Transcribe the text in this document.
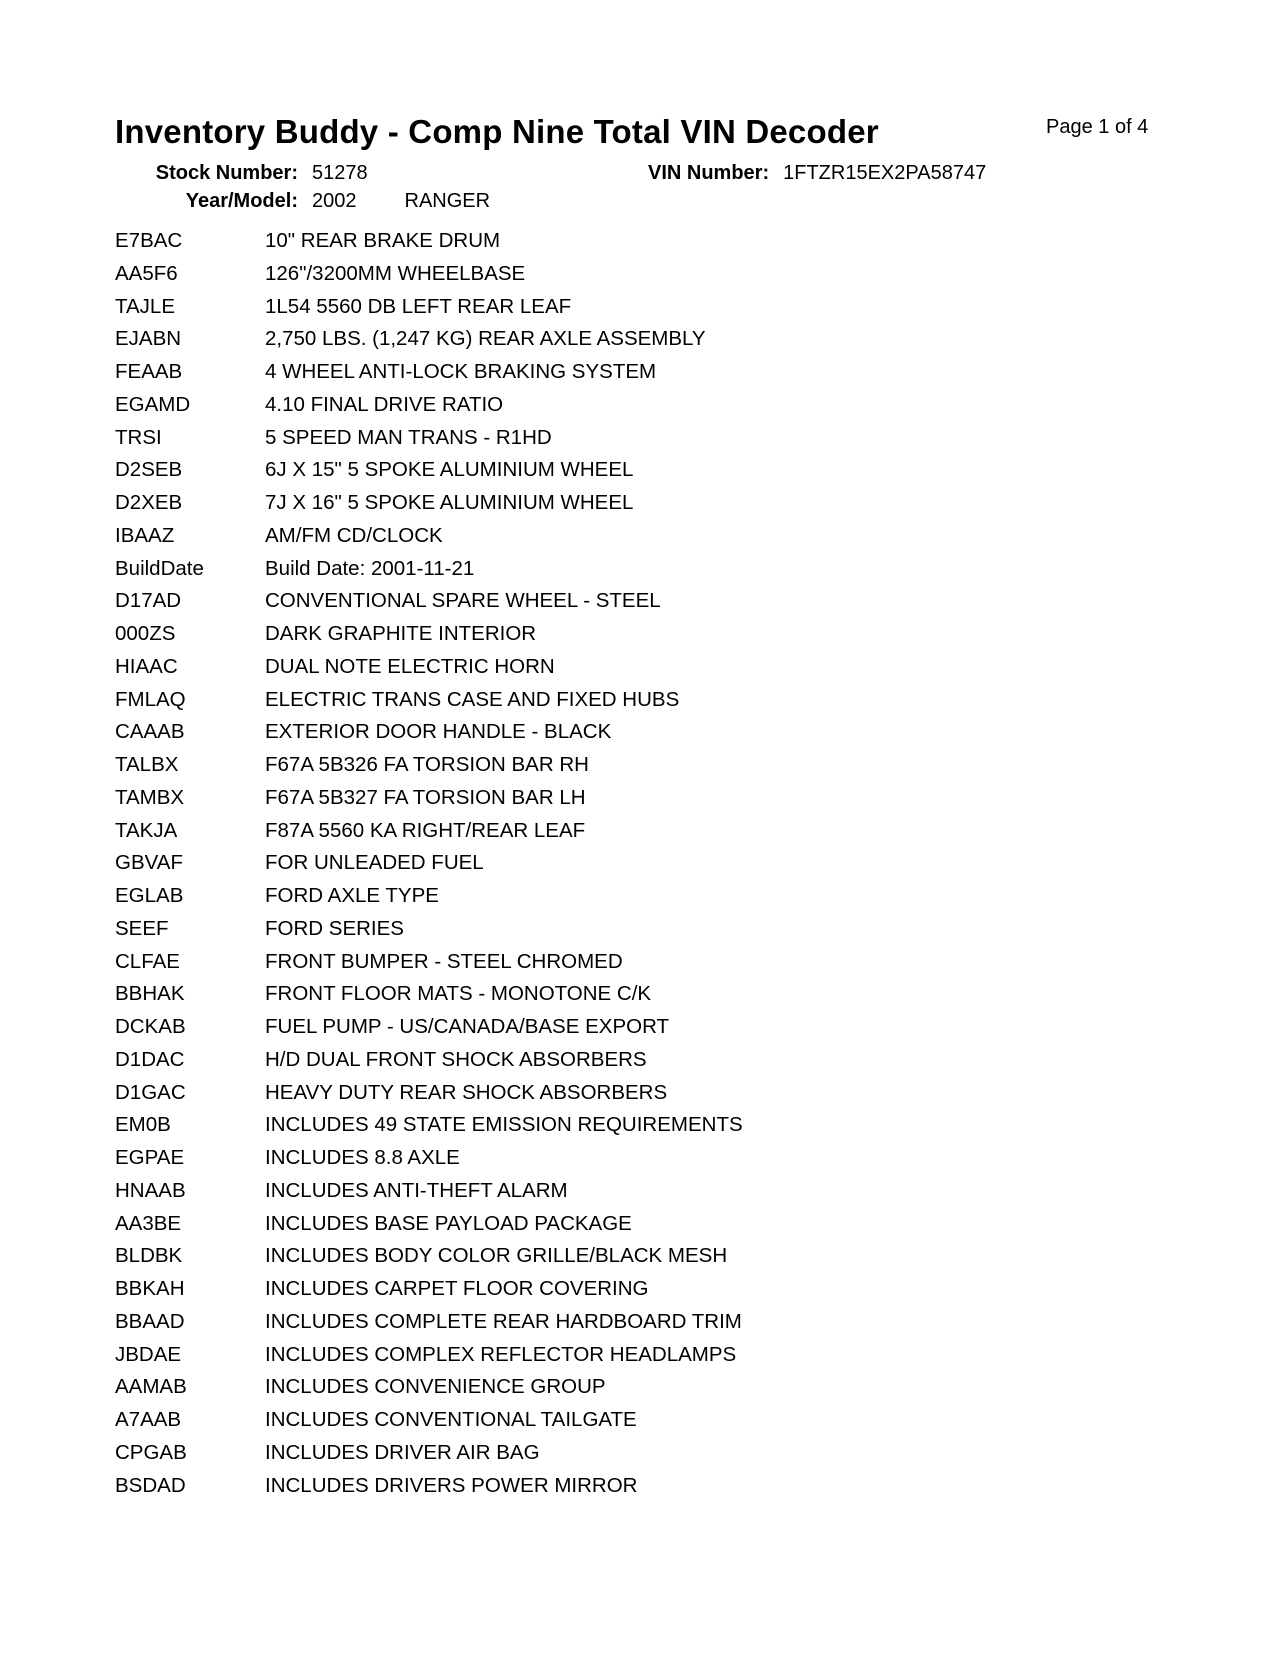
Inventory Buddy - Comp Nine Total VIN Decoder	Page 1 of 4
Stock Number: 51278	VIN Number: 1FTZR15EX2PA58747
Year/Model: 2002 RANGER
E7BAC	10" REAR BRAKE DRUM
AA5F6	126"/3200MM WHEELBASE
TAJLE	1L54 5560 DB LEFT REAR LEAF
EJABN	2,750 LBS. (1,247 KG) REAR AXLE ASSEMBLY
FEAAB	4 WHEEL ANTI-LOCK BRAKING SYSTEM
EGAMD	4.10 FINAL DRIVE RATIO
TRSI	5 SPEED MAN TRANS - R1HD
D2SEB	6J X 15" 5 SPOKE ALUMINIUM WHEEL
D2XEB	7J X 16" 5 SPOKE ALUMINIUM WHEEL
IBAAZ	AM/FM CD/CLOCK
BuildDate	Build Date: 2001-11-21
D17AD	CONVENTIONAL SPARE WHEEL - STEEL
000ZS	DARK GRAPHITE INTERIOR
HIAAC	DUAL NOTE ELECTRIC HORN
FMLAQ	ELECTRIC TRANS CASE AND FIXED HUBS
CAAAB	EXTERIOR DOOR HANDLE - BLACK
TALBX	F67A 5B326 FA TORSION BAR RH
TAMBX	F67A 5B327 FA TORSION BAR LH
TAKJA	F87A 5560 KA RIGHT/REAR LEAF
GBVAF	FOR UNLEADED FUEL
EGLAB	FORD AXLE TYPE
SEEF	FORD SERIES
CLFAE	FRONT BUMPER - STEEL CHROMED
BBHAK	FRONT FLOOR MATS - MONOTONE C/K
DCKAB	FUEL PUMP - US/CANADA/BASE EXPORT
D1DAC	H/D DUAL FRONT SHOCK ABSORBERS
D1GAC	HEAVY DUTY REAR SHOCK ABSORBERS
EM0B	INCLUDES 49 STATE EMISSION REQUIREMENTS
EGPAE	INCLUDES 8.8 AXLE
HNAAB	INCLUDES ANTI-THEFT ALARM
AA3BE	INCLUDES BASE PAYLOAD PACKAGE
BLDBK	INCLUDES BODY COLOR GRILLE/BLACK MESH
BBKAH	INCLUDES CARPET FLOOR COVERING
BBAAD	INCLUDES COMPLETE REAR HARDBOARD TRIM
JBDAE	INCLUDES COMPLEX REFLECTOR HEADLAMPS
AAMAB	INCLUDES CONVENIENCE GROUP
A7AAB	INCLUDES CONVENTIONAL TAILGATE
CPGAB	INCLUDES DRIVER AIR BAG
BSDAD	INCLUDES DRIVERS POWER MIRROR
